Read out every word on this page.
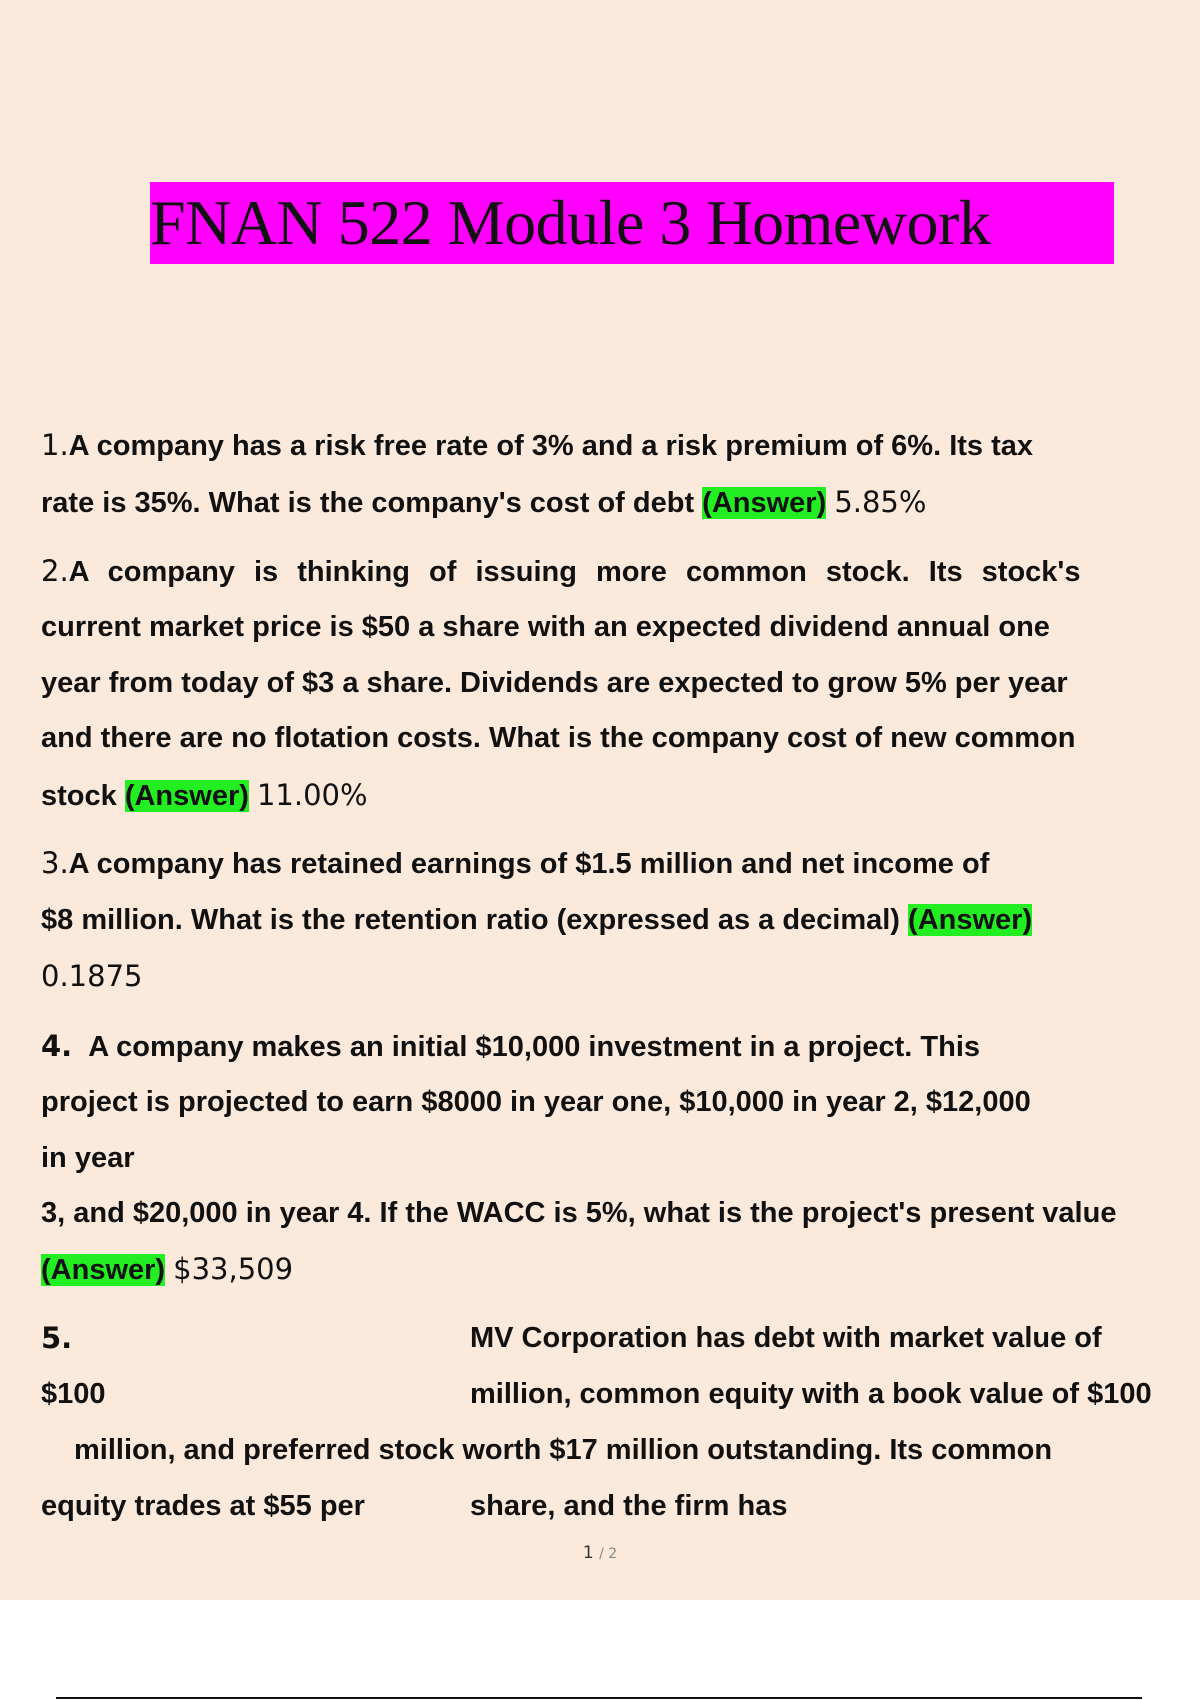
FNAN 522 Module 3 Homework
1.A company has a risk free rate of 3% and a risk premium of 6%. Its tax
rate is 35%. What is the company's cost of debt (Answer) 5.85%
2.A company is thinking of issuing more common stock. Its stock's
current market price is $50 a share with an expected dividend annual one
year from today of $3 a share. Dividends are expected to grow 5% per year
and there are no flotation costs. What is the company cost of new common
stock (Answer) 11.00%
3.A company has retained earnings of $1.5 million and net income of
$8 million. What is the retention ratio (expressed as a decimal) (Answer)
0.1875
4. A company makes an initial $10,000 investment in a project. This
project is projected to earn $8000 in year one, $10,000 in year 2, $12,000
in year
3, and $20,000 in year 4. If the WACC is 5%, what is the project's present value
(Answer) $33,509
5.	MV Corporation has debt with market value of
$100	million, common equity with a book value of $100
million, and preferred stock worth $17 million outstanding. Its common
equity trades at $55 per	share, and the firm has
1 / 2
